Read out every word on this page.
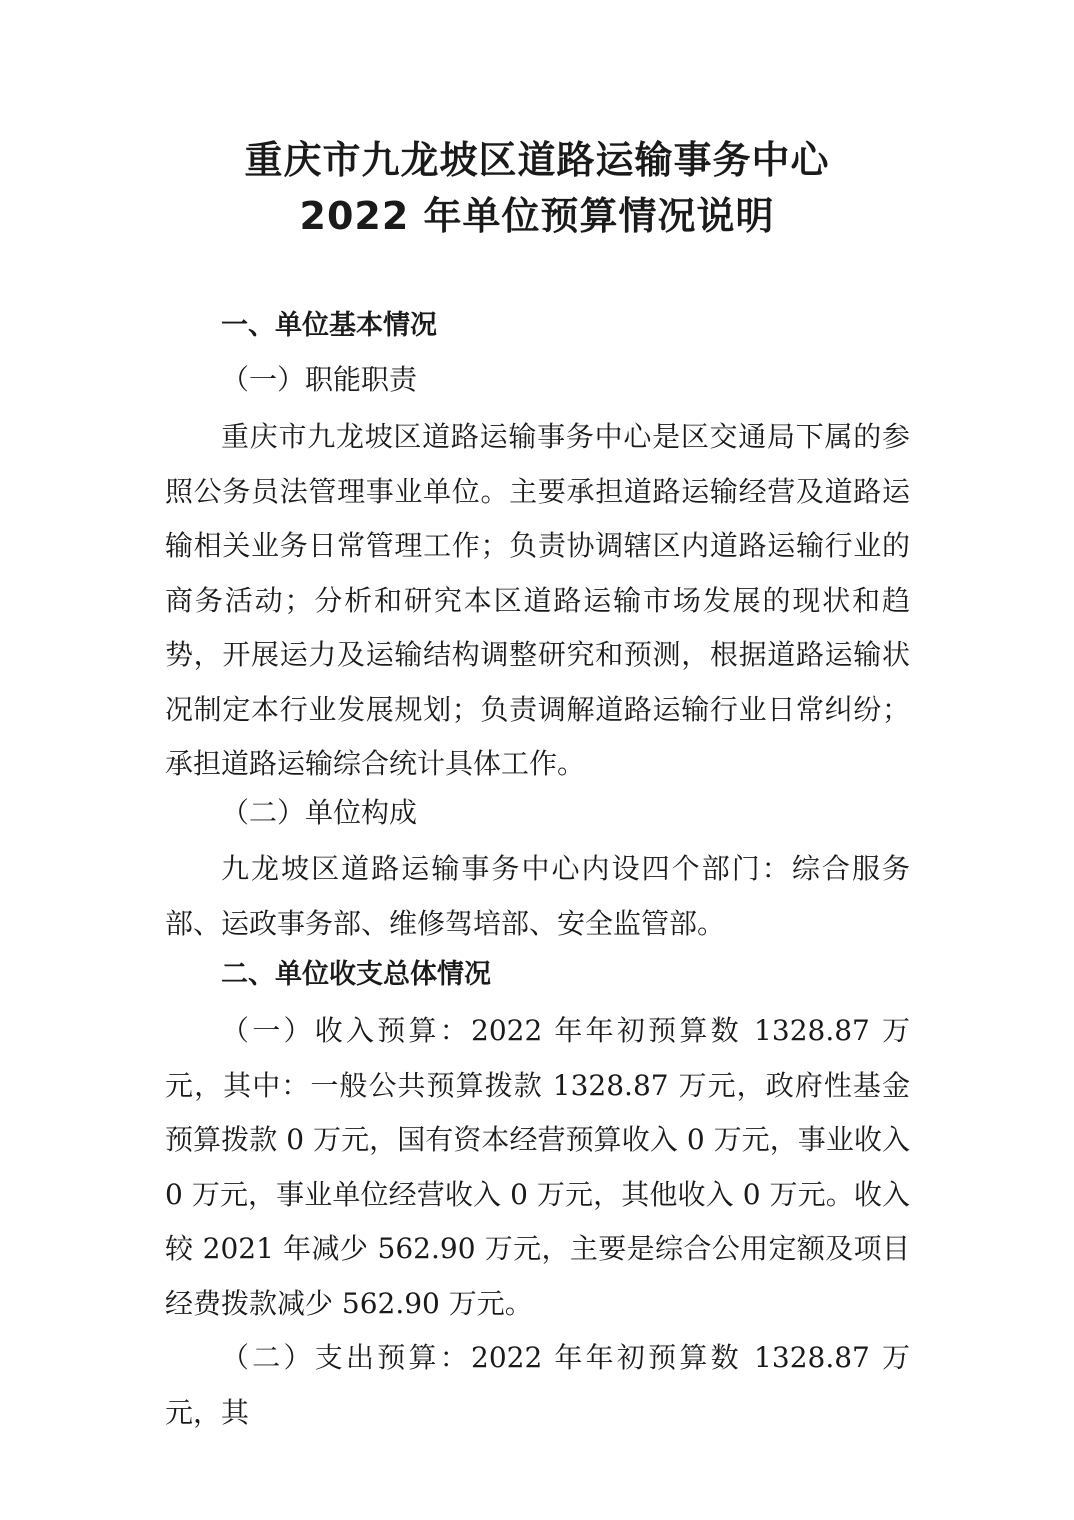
重庆市九龙坡区道路运输事务中心
2022 年单位预算情况说明
一、单位基本情况
（一）职能职责
重庆市九龙坡区道路运输事务中心是区交通局下属的参照公务员法管理事业单位。主要承担道路运输经营及道路运输相关业务日常管理工作；负责协调辖区内道路运输行业的商务活动；分析和研究本区道路运输市场发展的现状和趋势，开展运力及运输结构调整研究和预测，根据道路运输状况制定本行业发展规划；负责调解道路运输行业日常纠纷；承担道路运输综合统计具体工作。
（二）单位构成
九龙坡区道路运输事务中心内设四个部门：综合服务部、运政事务部、维修驾培部、安全监管部。
二、单位收支总体情况
（一）收入预算：2022 年年初预算数 1328.87 万元，其中：一般公共预算拨款 1328.87 万元，政府性基金预算拨款 0 万元，国有资本经营预算收入 0 万元，事业收入 0 万元，事业单位经营收入 0 万元，其他收入 0 万元。收入较 2021 年减少 562.90 万元，主要是综合公用定额及项目经费拨款减少 562.90 万元。
（二）支出预算：2022 年年初预算数 1328.87 万元，其
